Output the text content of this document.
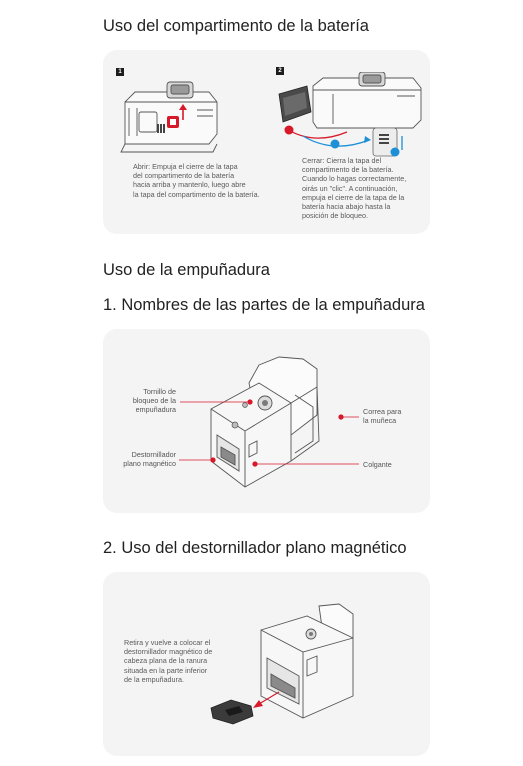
Uso del compartimento de la batería
1	2
Abrir: Empuja el cierre de la tapa
del compartimento de la batería
hacia arriba y mantenlo, luego abre
la tapa del compartimento de la batería.
Cerrar: Cierra la tapa del
compartimento de la batería.
Cuando lo hagas correctamente,
oirás un "clic". A continuación,
empuja el cierre de la tapa de la
batería hacia abajo hasta la
posición de bloqueo.
Uso de la empuñadura
1. Nombres de las partes de la empuñadura
Tornillo de
bloqueo de la
empuñadura
Destornillador
plano magnético
Correa para
la muñeca
Colgante
2. Uso del destornillador plano magnético
Retira y vuelve a colocar el
destornillador magnético de
cabeza plana de la ranura
situada en la parte inferior
de la empuñadura.
